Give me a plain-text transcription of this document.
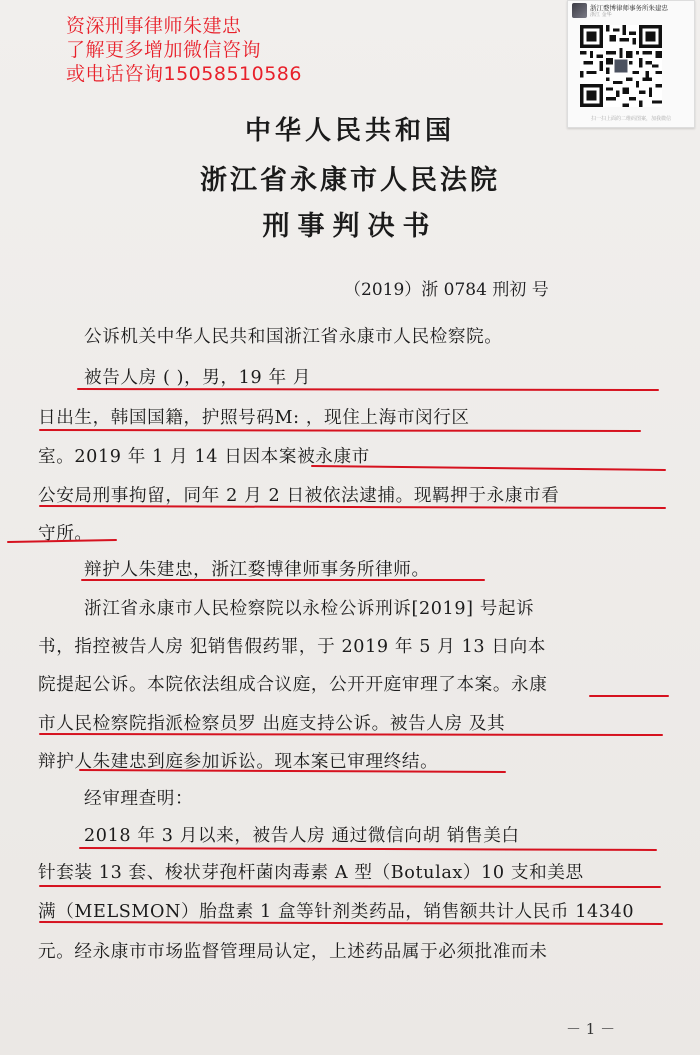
资深刑事律师朱建忠
了解更多增加微信咨询
或电话咨询15058510586
浙江婺博律师事务所朱建忠
浙江 金华
扫一扫上面的二维码图案，加我微信
中华人民共和国
浙江省永康市人民法院
刑事判决书
（2019）浙 0784 刑初 号
公诉机关中华人民共和国浙江省永康市人民检察院。
被告人房 ( )，男，19 年 月
日出生，韩国国籍，护照号码M: ，现住上海市闵行区
室。2019 年 1 月 14 日因本案被永康市
公安局刑事拘留，同年 2 月 2 日被依法逮捕。现羁押于永康市看
守所。
辩护人朱建忠，浙江婺博律师事务所律师。
浙江省永康市人民检察院以永检公诉刑诉[2019] 号起诉
书，指控被告人房 犯销售假药罪，于 2019 年 5 月 13 日向本
院提起公诉。本院依法组成合议庭，公开开庭审理了本案。永康
市人民检察院指派检察员罗 出庭支持公诉。被告人房 及其
辩护人朱建忠到庭参加诉讼。现本案已审理终结。
经审理查明：
2018 年 3 月以来，被告人房 通过微信向胡 销售美白
针套装 13 套、梭状芽孢杆菌肉毒素 A 型（Botulax）10 支和美思
满（MELSMON）胎盘素 1 盒等针剂类药品，销售额共计人民币 14340
元。经永康市市场监督管理局认定，上述药品属于必须批准而未
－ 1 －
